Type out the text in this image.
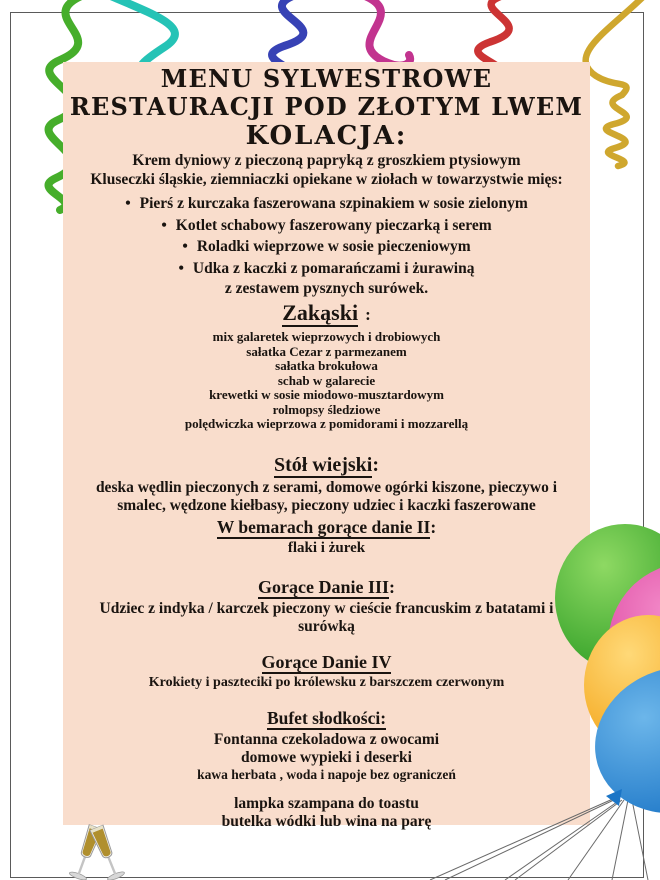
MENU SYLWESTROWE
RESTAURACJI POD ZŁOTYM LWEM
KOLACJA:
Krem dyniowy z pieczoną papryką z groszkiem ptysiowym
Kluseczki śląskie, ziemniaczki opiekane w ziołach w towarzystwie mięs:
• Pierś z kurczaka faszerowana szpinakiem w sosie zielonym
• Kotlet schabowy faszerowany pieczarką i serem
• Roladki wieprzowe w sosie pieczeniowym
• Udka z kaczki z pomarańczami i żurawiną
z zestawem pysznych surówek.
Zakąski :
mix galaretek wieprzowych i drobiowych
sałatka Cezar z parmezanem
sałatka brokułowa
schab w galarecie
krewetki w sosie miodowo-musztardowym
rolmopsy śledziowe
polędwiczka wieprzowa z pomidorami i mozzarellą
Stół wiejski:
deska wędlin pieczonych z serami, domowe ogórki kiszone, pieczywo i smalec, wędzone kiełbasy, pieczony udziec i kaczki faszerowane
W bemarach gorące danie II:
flaki i żurek
Gorące Danie III:
Udziec z indyka / karczek pieczony w cieście francuskim z batatami i surówką
Gorące Danie IV
Krokiety i paszteciki po królewsku z barszczem czerwonym
Bufet słodkości:
Fontanna czekoladowa z owocami
domowe wypieki i deserki
kawa herbata , woda i napoje bez ograniczeń
lampka szampana do toastu
butelka wódki lub wina na parę
